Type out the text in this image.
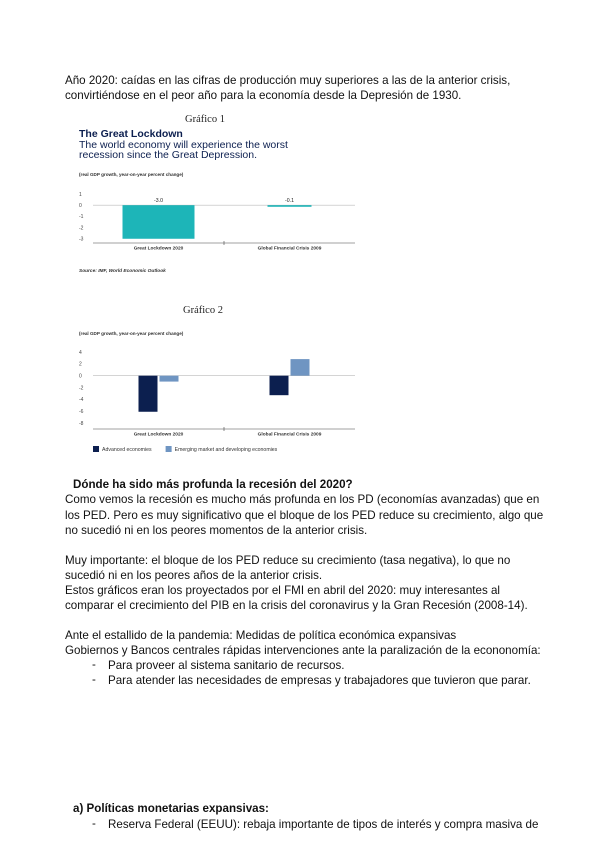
Año 2020: caídas en las cifras de producción muy superiores a las de la anterior crisis,
convirtiéndose en el peor año para la economía desde la Depresión de 1930.
Gráfico 1
The Great Lockdown
The world economy will experience the worst
recession since the Great Depression.
(real GDP growth, year-on-year percent change)
1
0
-1
-2
-3
-3.0
Great Lockdown 2020
-0.1
Global Financial Crisis 2009
Source: IMF, World Economic Outlook
Gráfico 2
(real GDP growth, year-on-year percent change)
4
2
0
-2
-4
-6
-8
Great Lockdown 2020	Global Financial Crisis 2009
Advanced economies	Emerging market and developing economies
Dónde ha sido más profunda la recesión del 2020?
Como vemos la recesión es mucho más profunda en los PD (economías avanzadas) que en
los PED. Pero es muy significativo que el bloque de los PED reduce su crecimiento, algo que
no sucedió ni en los peores momentos de la anterior crisis.
Muy importante: el bloque de los PED reduce su crecimiento (tasa negativa), lo que no
sucedió ni en los peores años de la anterior crisis.
Estos gráficos eran los proyectados por el FMI en abril del 2020: muy interesantes al
comparar el crecimiento del PIB en la crisis del coronavirus y la Gran Recesión (2008-14).
Ante el estallido de la pandemia: Medidas de política económica expansivas
Gobiernos y Bancos centrales rápidas intervenciones ante la paralización de la econonomía:
- Para proveer al sistema sanitario de recursos.
- Para atender las necesidades de empresas y trabajadores que tuvieron que parar.
a) Políticas monetarias expansivas:
- Reserva Federal (EEUU): rebaja importante de tipos de interés y compra masiva de
